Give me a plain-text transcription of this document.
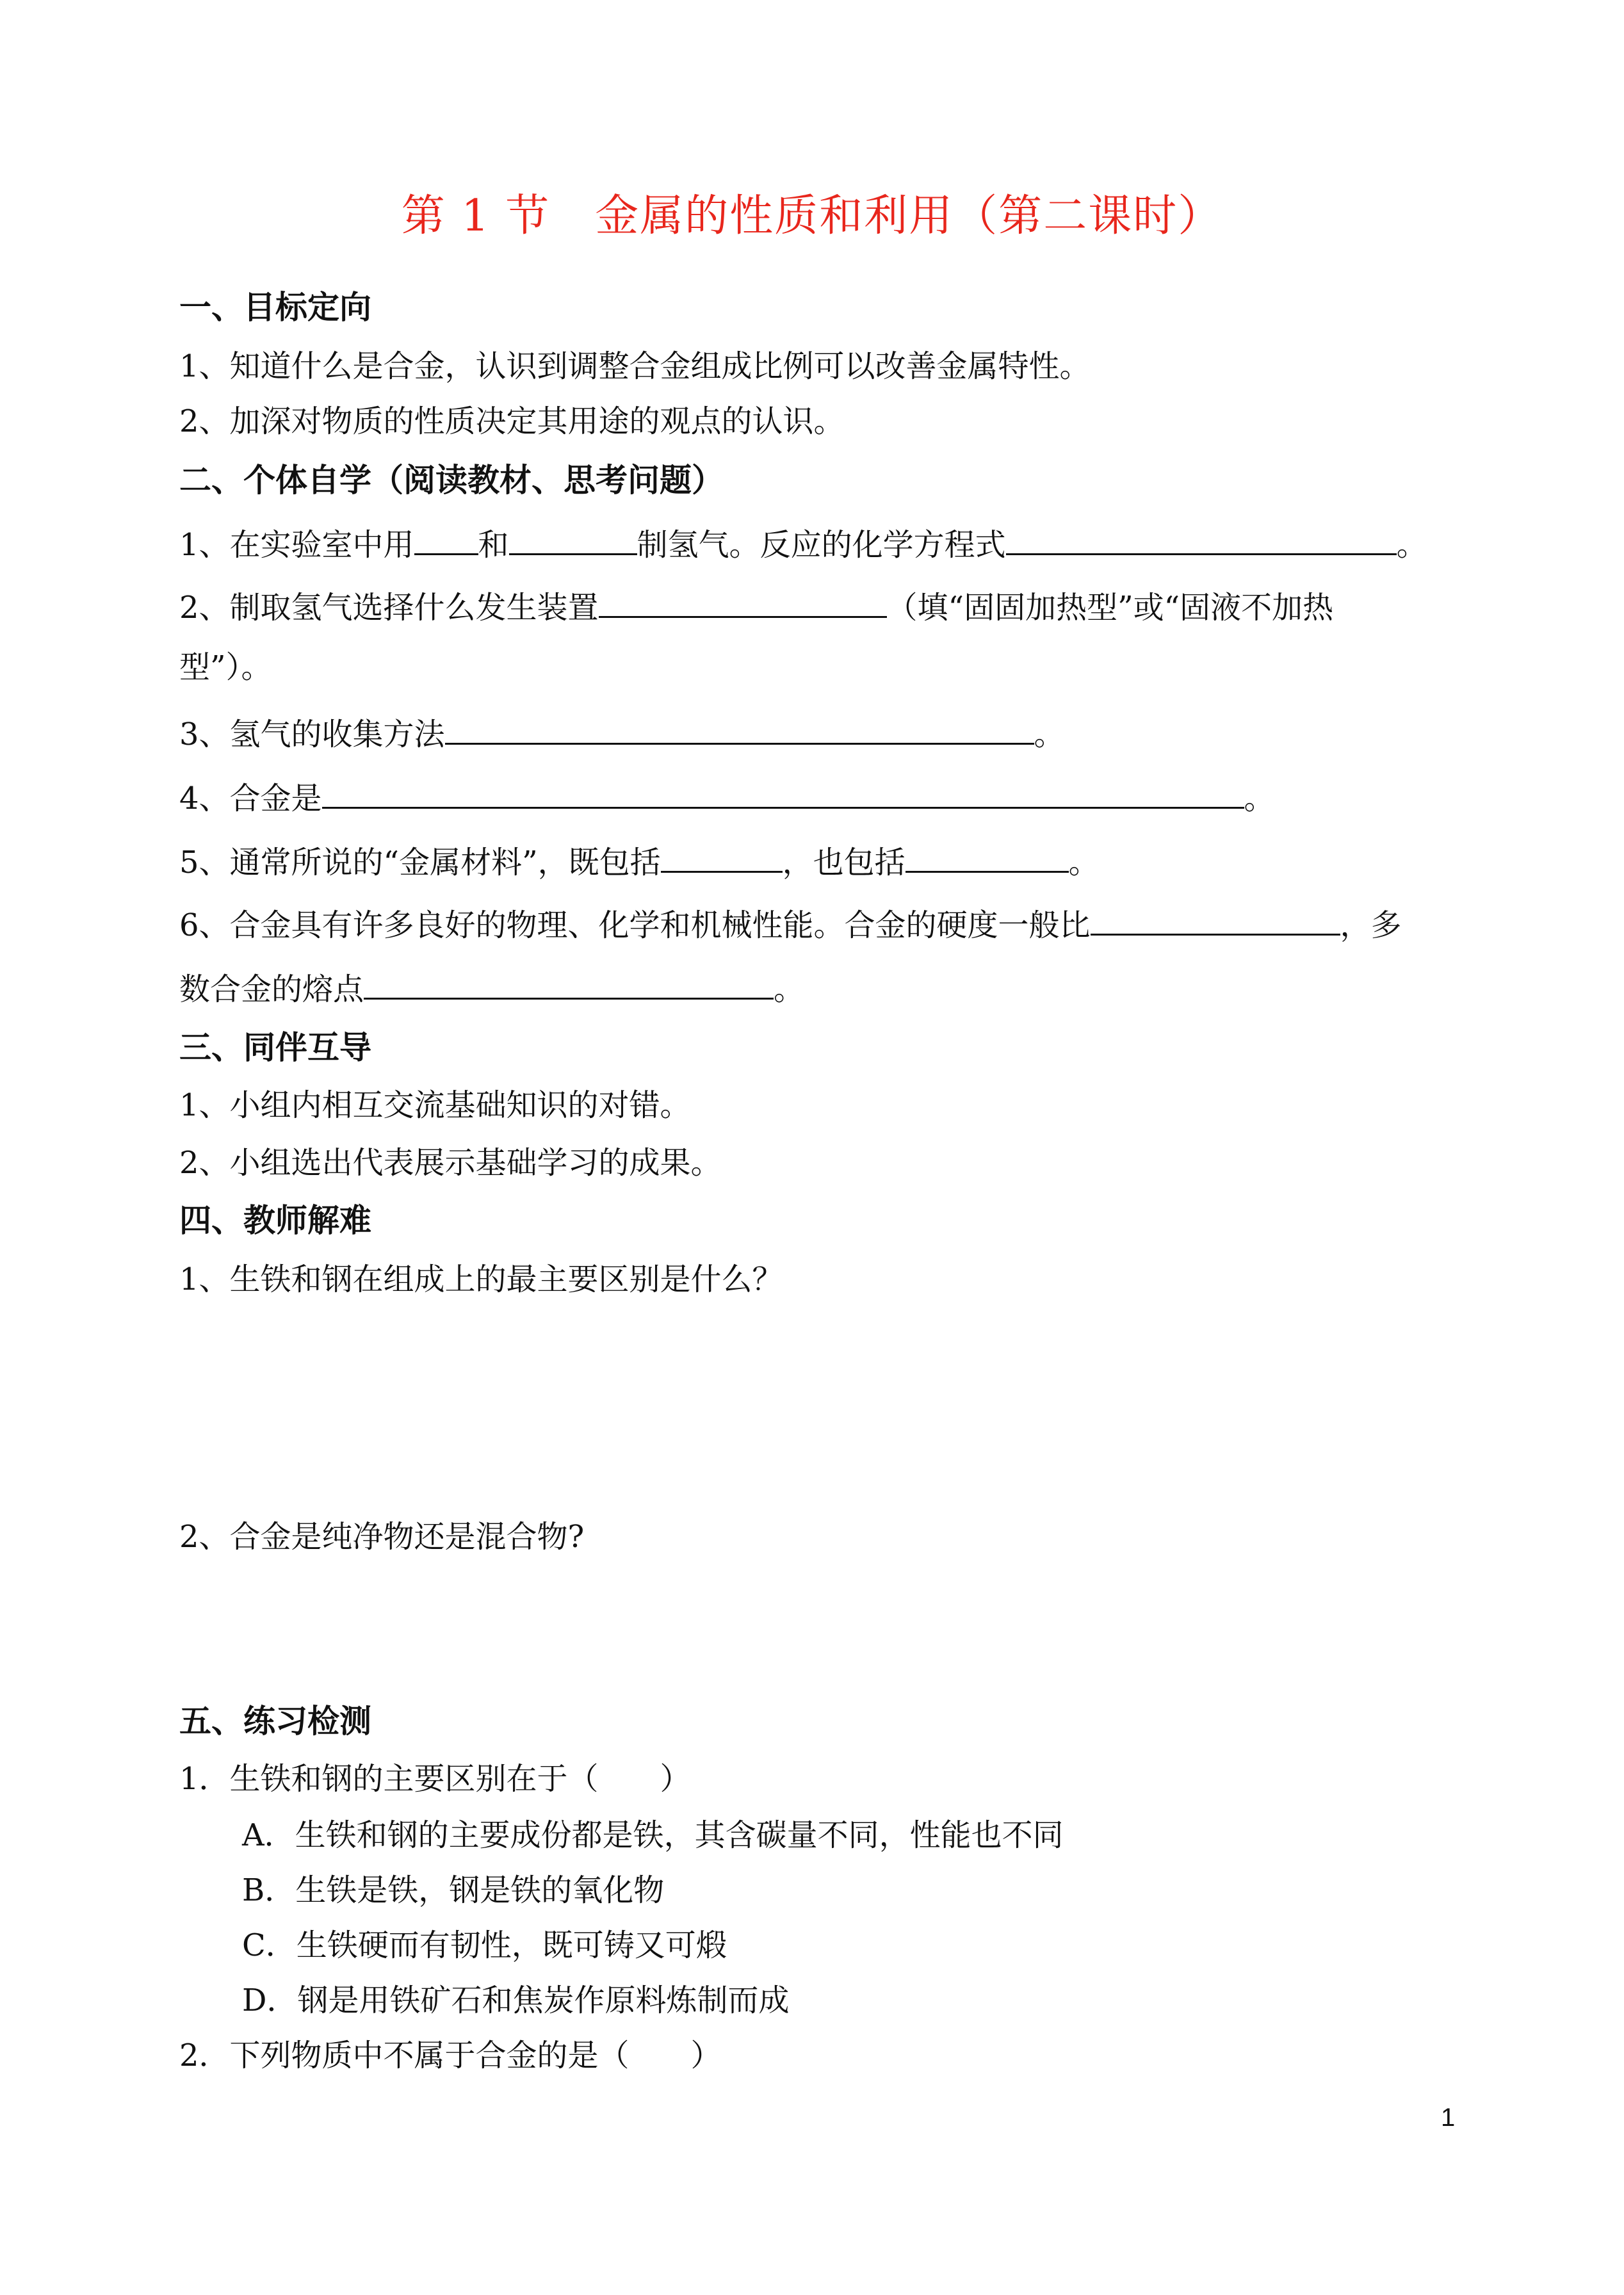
第 1 节　金属的性质和利用（第二课时）
一、目标定向
1、知道什么是合金，认识到调整合金组成比例可以改善金属特性。
2、加深对物质的性质决定其用途的观点的认识。
二、个体自学（阅读教材、思考问题）
1、在实验室中用 和	制氢气。反应的化学方程式	。
2、制取氢气选择什么发生装置	（填“固固加热型”或“固液不加热
型”）。
3、氢气的收集方法	。
4、合金是	。
5、通常所说的“金属材料”，既包括	，也包括	。
6、合金具有许多良好的物理、化学和机械性能。合金的硬度一般比	，多
数合金的熔点	。
三、同伴互导
1、小组内相互交流基础知识的对错。
2、小组选出代表展示基础学习的成果。
四、教师解难
1、生铁和钢在组成上的最主要区别是什么？
2、合金是纯净物还是混合物?
五、练习检测
1．生铁和钢的主要区别在于（　　）
A．生铁和钢的主要成份都是铁，其含碳量不同，性能也不同
B．生铁是铁，钢是铁的氧化物
C．生铁硬而有韧性，既可铸又可煅
D．钢是用铁矿石和焦炭作原料炼制而成
2．下列物质中不属于合金的是（　　）
1
